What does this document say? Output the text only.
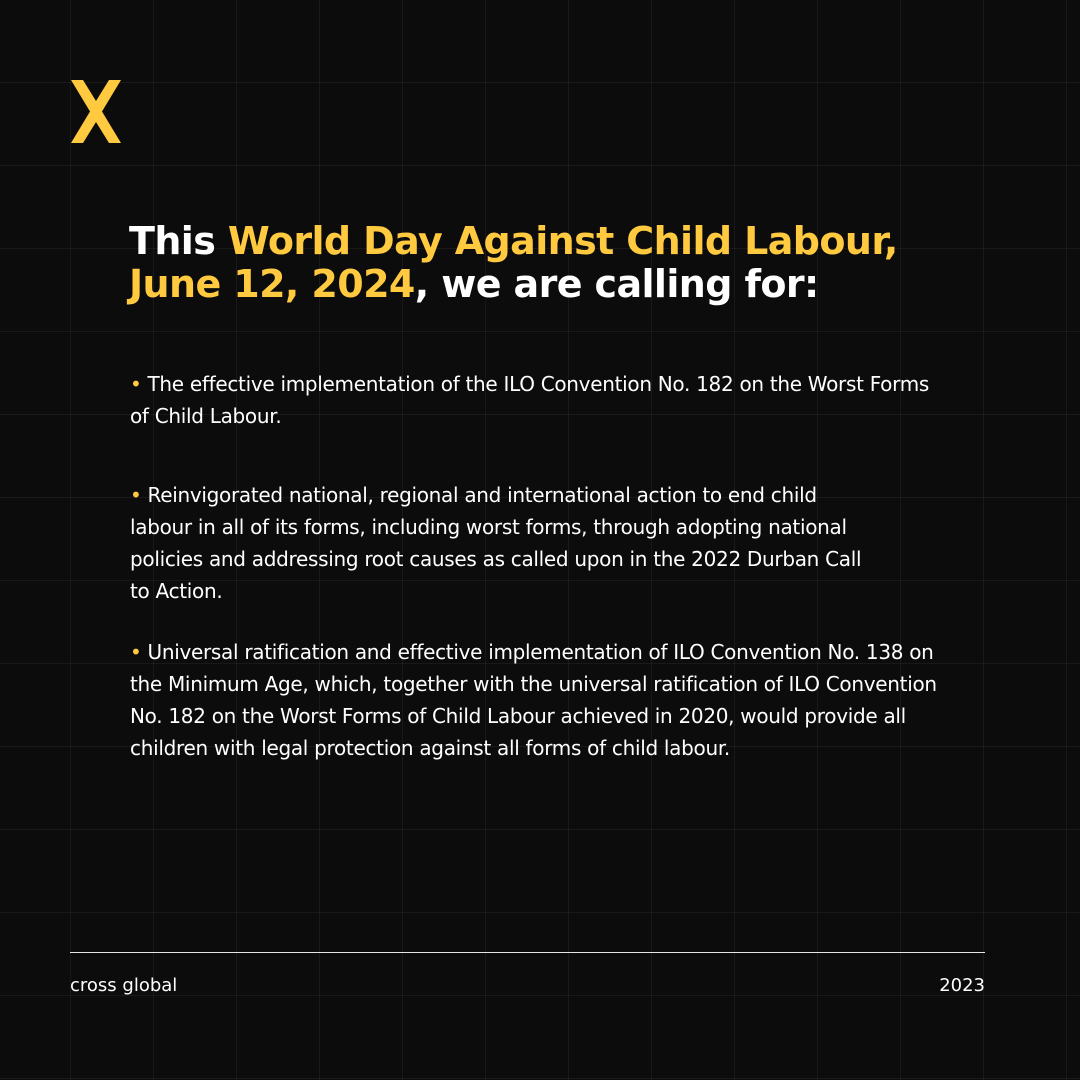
This World Day Against Child Labour,
June 12, 2024, we are calling for:
• The effective implementation of the ILO Convention No. 182 on the Worst Forms of Child Labour.
• Reinvigorated national, regional and international action to end child labour in all of its forms, including worst forms, through adopting national policies and addressing root causes as called upon in the 2022 Durban Call to Action.
• Universal ratification and effective implementation of ILO Convention No. 138 on the Minimum Age, which, together with the universal ratification of ILO Convention No. 182 on the Worst Forms of Child Labour achieved in 2020, would provide all children with legal protection against all forms of child labour.
cross global	2023
